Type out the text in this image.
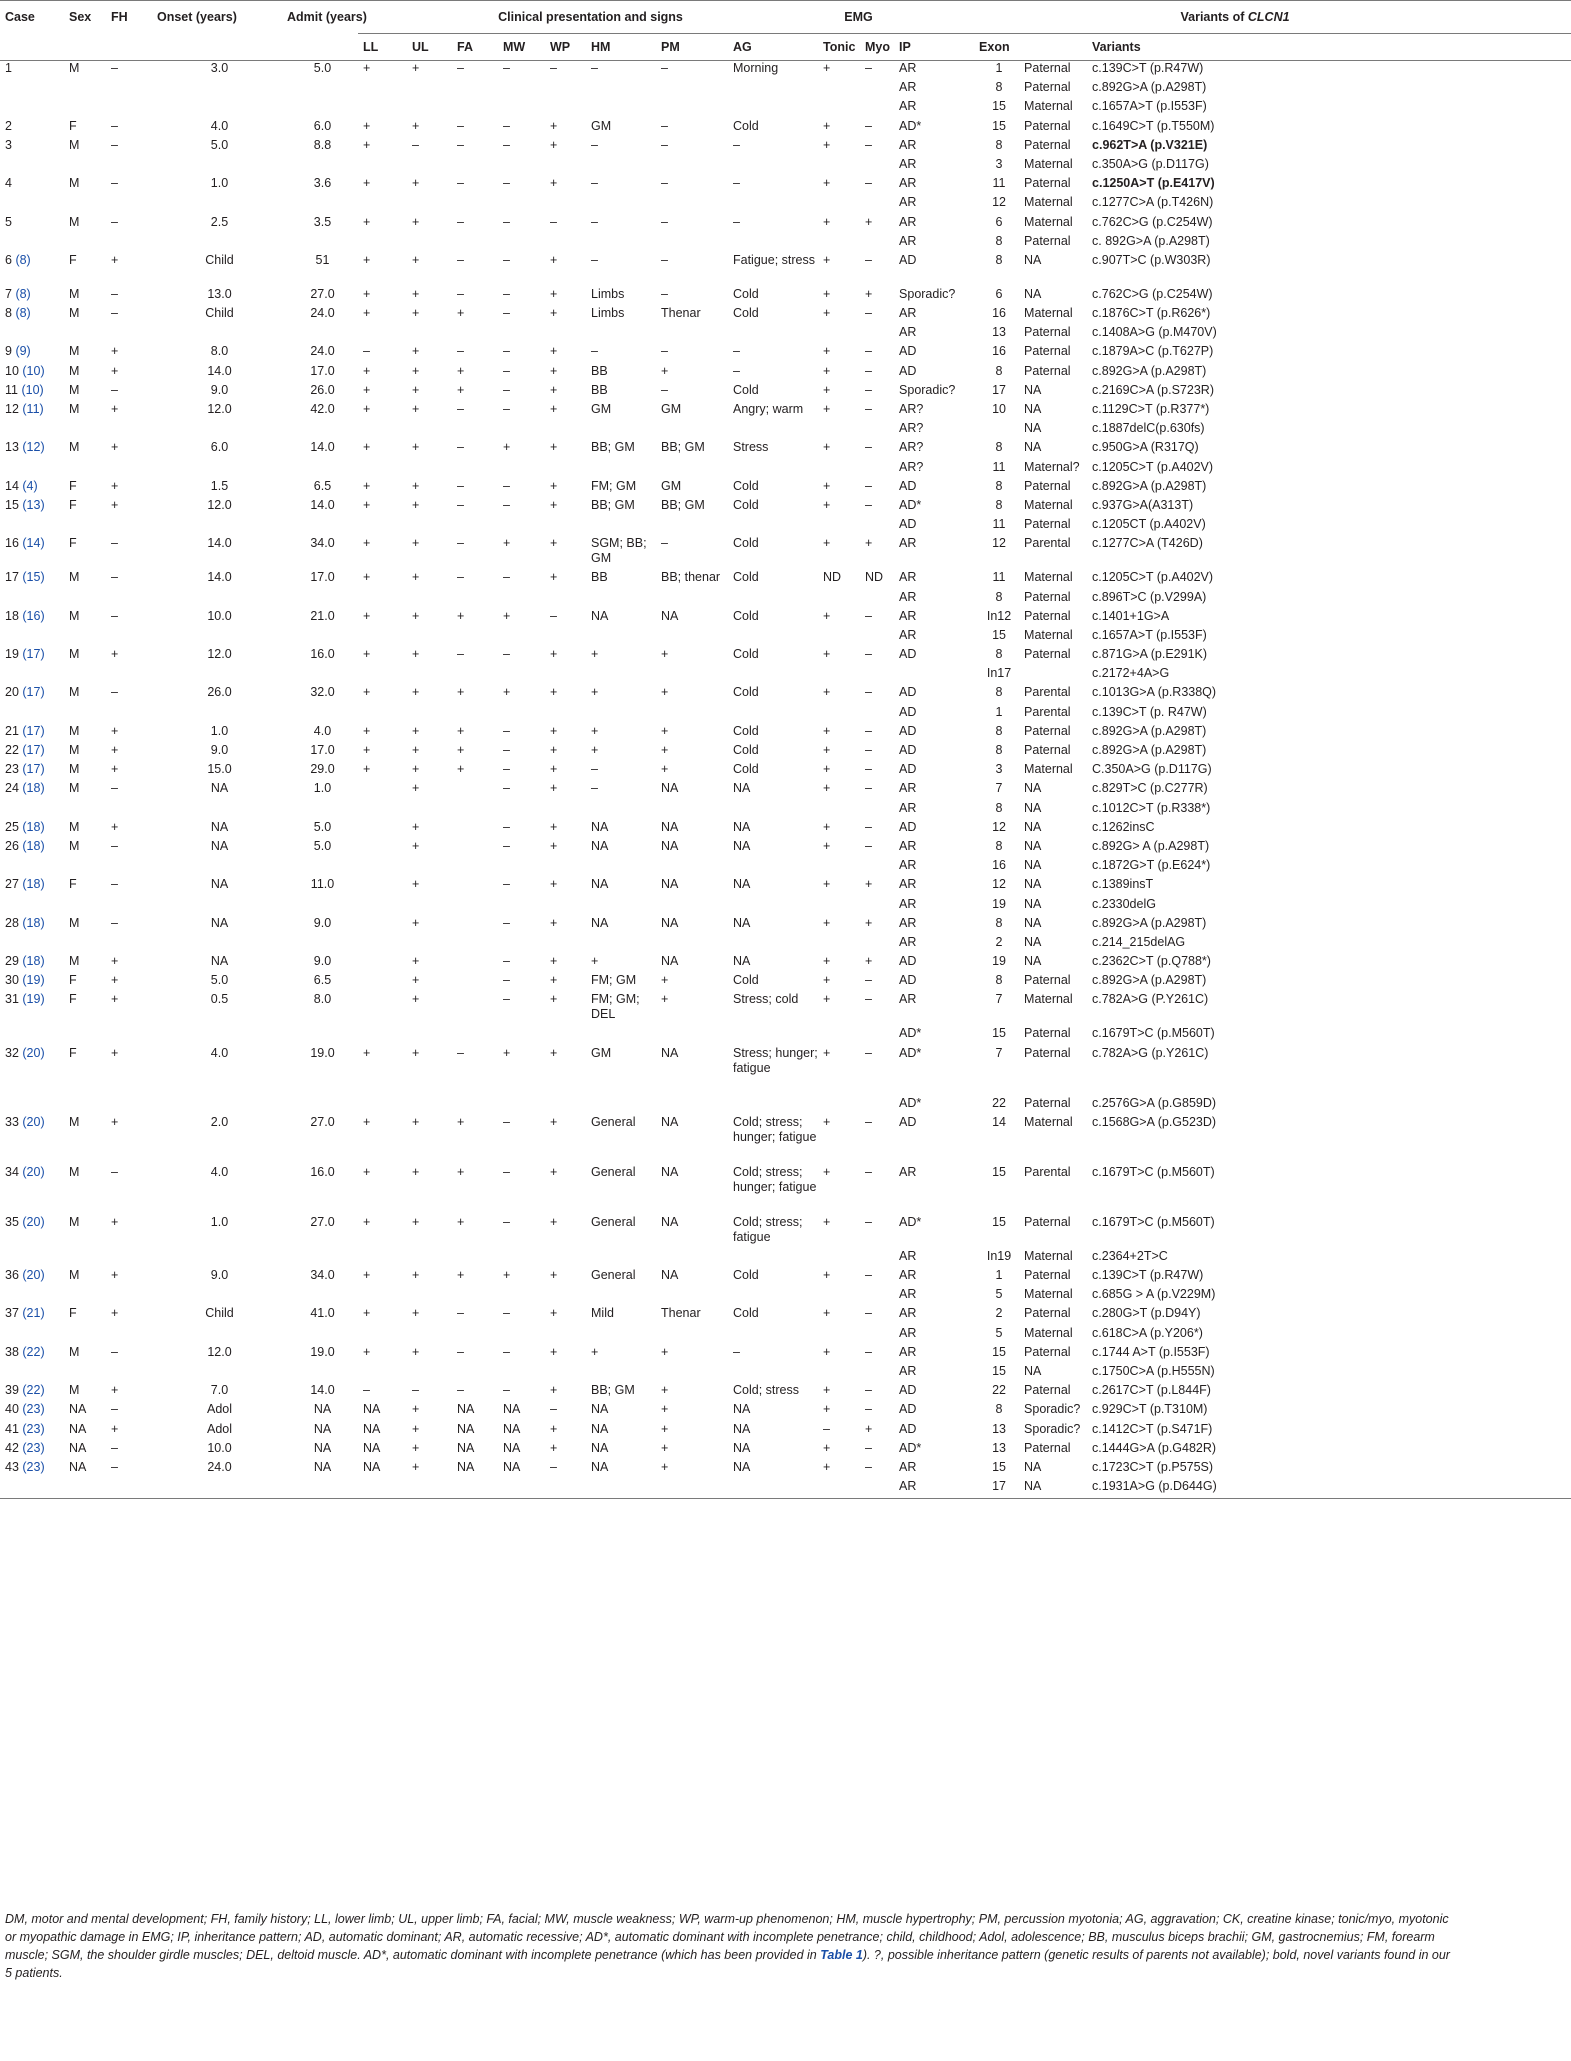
Case	Sex	FH	Onset (years)	Admit (years)	Clinical presentation and signs								EMG		Variants of CLCN1			
					LL	UL	FA	MW	WP	HM	PM	AG	Tonic	Myo	IP	Exon		Variants
1	M	–	3.0	5.0	+	+	–	–	–	–	–	Morning	+	–	AR	1	Paternal	c.139C>T (p.R47W)
															AR	8	Paternal	c.892G>A (p.A298T)
															AR	15	Maternal	c.1657A>T (p.I553F)
2	F	–	4.0	6.0	+	+	–	–	+	GM	–	Cold	+	–	AD*	15	Paternal	c.1649C>T (p.T550M)
3	M	–	5.0	8.8	+	–	–	–	+	–	–	–	+	–	AR	8	Paternal	c.962T>A (p.V321E)
															AR	3	Maternal	c.350A>G (p.D117G)
4	M	–	1.0	3.6	+	+	–	–	+	–	–	–	+	–	AR	11	Paternal	c.1250A>T (p.E417V)
															AR	12	Maternal	c.1277C>A (p.T426N)
5	M	–	2.5	3.5	+	+	–	–	–	–	–	–	+	+	AR	6	Maternal	c.762C>G (p.C254W)
															AR	8	Paternal	c. 892G>A (p.A298T)
6 (8)	F	+	Child	51	+	+	–	–	+	–	–	Fatigue; stress	+	–	AD	8	NA	c.907T>C (p.W303R)
7 (8)	M	–	13.0	27.0	+	+	–	–	+	Limbs	–	Cold	+	+	Sporadic?	6	NA	c.762C>G (p.C254W)
8 (8)	M	–	Child	24.0	+	+	+	–	+	Limbs	Thenar	Cold	+	–	AR	16	Maternal	c.1876C>T (p.R626*)
															AR	13	Paternal	c.1408A>G (p.M470V)
9 (9)	M	+	8.0	24.0	–	+	–	–	+	–	–	–	+	–	AD	16	Paternal	c.1879A>C (p.T627P)
10 (10)	M	+	14.0	17.0	+	+	+	–	+	BB	+	–	+	–	AD	8	Paternal	c.892G>A (p.A298T)
11 (10)	M	–	9.0	26.0	+	+	+	–	+	BB	–	Cold	+	–	Sporadic?	17	NA	c.2169C>A (p.S723R)
12 (11)	M	+	12.0	42.0	+	+	–	–	+	GM	GM	Angry; warm	+	–	AR?	10	NA	c.1129C>T (p.R377*)
															AR?		NA	c.1887delC(p.630fs)
13 (12)	M	+	6.0	14.0	+	+	–	+	+	BB; GM	BB; GM	Stress	+	–	AR?	8	NA	c.950G>A (R317Q)
															AR?	11	Maternal?	c.1205C>T (p.A402V)
14 (4)	F	+	1.5	6.5	+	+	–	–	+	FM; GM	GM	Cold	+	–	AD	8	Paternal	c.892G>A (p.A298T)
15 (13)	F	+	12.0	14.0	+	+	–	–	+	BB; GM	BB; GM	Cold	+	–	AD*	8	Maternal	c.937G>A(A313T)
															AD	11	Paternal	c.1205CT (p.A402V)
16 (14)	F	–	14.0	34.0	+	+	–	+	+	SGM; BB; GM	–	Cold	+	+	AR	12	Parental	c.1277C>A (T426D)
17 (15)	M	–	14.0	17.0	+	+	–	–	+	BB	BB; thenar	Cold	ND	ND	AR	11	Maternal	c.1205C>T (p.A402V)
															AR	8	Paternal	c.896T>C (p.V299A)
18 (16)	M	–	10.0	21.0	+	+	+	+	–	NA	NA	Cold	+	–	AR	In12	Paternal	c.1401+1G>A
															AR	15	Maternal	c.1657A>T (p.I553F)
19 (17)	M	+	12.0	16.0	+	+	–	–	+	+	+	Cold	+	–	AD	8	Paternal	c.871G>A (p.E291K)
																In17		c.2172+4A>G
20 (17)	M	–	26.0	32.0	+	+	+	+	+	+	+	Cold	+	–	AD	8	Parental	c.1013G>A (p.R338Q)
															AD	1	Parental	c.139C>T (p. R47W)
21 (17)	M	+	1.0	4.0	+	+	+	–	+	+	+	Cold	+	–	AD	8	Paternal	c.892G>A (p.A298T)
22 (17)	M	+	9.0	17.0	+	+	+	–	+	+	+	Cold	+	–	AD	8	Paternal	c.892G>A (p.A298T)
23 (17)	M	+	15.0	29.0	+	+	+	–	+	–	+	Cold	+	–	AD	3	Maternal	C.350A>G (p.D117G)
24 (18)	M	–	NA	1.0		+		–	+	–	NA	NA	+	–	AR	7	NA	c.829T>C (p.C277R)
															AR	8	NA	c.1012C>T (p.R338*)
25 (18)	M	+	NA	5.0		+		–	+	NA	NA	NA	+	–	AD	12	NA	c.1262insC
26 (18)	M	–	NA	5.0		+		–	+	NA	NA	NA	+	–	AR	8	NA	c.892G> A (p.A298T)
															AR	16	NA	c.1872G>T (p.E624*)
27 (18)	F	–	NA	11.0		+		–	+	NA	NA	NA	+	+	AR	12	NA	c.1389insT
															AR	19	NA	c.2330delG
28 (18)	M	–	NA	9.0		+		–	+	NA	NA	NA	+	+	AR	8	NA	c.892G>A (p.A298T)
															AR	2	NA	c.214_215delAG
29 (18)	M	+	NA	9.0		+		–	+	+	NA	NA	+	+	AD	19	NA	c.2362C>T (p.Q788*)
30 (19)	F	+	5.0	6.5		+		–	+	FM; GM	+	Cold	+	–	AD	8	Paternal	c.892G>A (p.A298T)
31 (19)	F	+	0.5	8.0		+		–	+	FM; GM; DEL	+	Stress; cold	+	–	AR	7	Maternal	c.782A>G (P.Y261C)
															AD*	15	Paternal	c.1679T>C (p.M560T)
32 (20)	F	+	4.0	19.0	+	+	–	+	+	GM	NA	Stress; hunger; fatigue	+	–	AD*	7	Paternal	c.782A>G (p.Y261C)
															AD*	22	Paternal	c.2576G>A (p.G859D)
33 (20)	M	+	2.0	27.0	+	+	+	–	+	General	NA	Cold; stress; hunger; fatigue	+	–	AD	14	Maternal	c.1568G>A (p.G523D)
34 (20)	M	–	4.0	16.0	+	+	+	–	+	General	NA	Cold; stress; hunger; fatigue	+	–	AR	15	Parental	c.1679T>C (p.M560T)
35 (20)	M	+	1.0	27.0	+	+	+	–	+	General	NA	Cold; stress; fatigue	+	–	AD*	15	Paternal	c.1679T>C (p.M560T)
															AR	In19	Maternal	c.2364+2T>C
36 (20)	M	+	9.0	34.0	+	+	+	+	+	General	NA	Cold	+	–	AR	1	Paternal	c.139C>T (p.R47W)
															AR	5	Maternal	c.685G > A (p.V229M)
37 (21)	F	+	Child	41.0	+	+	–	–	+	Mild	Thenar	Cold	+	–	AR	2	Paternal	c.280G>T (p.D94Y)
															AR	5	Maternal	c.618C>A (p.Y206*)
38 (22)	M	–	12.0	19.0	+	+	–	–	+	+	+	–	+	–	AR	15	Paternal	c.1744 A>T (p.I553F)
															AR	15	NA	c.1750C>A (p.H555N)
39 (22)	M	+	7.0	14.0	–	–	–	–	+	BB; GM	+	Cold; stress	+	–	AD	22	Paternal	c.2617C>T (p.L844F)
40 (23)	NA	–	Adol	NA	NA	+	NA	NA	–	NA	+	NA	+	–	AD	8	Sporadic?	c.929C>T (p.T310M)
41 (23)	NA	+	Adol	NA	NA	+	NA	NA	+	NA	+	NA	–	+	AD	13	Sporadic?	c.1412C>T (p.S471F)
42 (23)	NA	–	10.0	NA	NA	+	NA	NA	+	NA	+	NA	+	–	AD*	13	Paternal	c.1444G>A (p.G482R)
43 (23)	NA	–	24.0	NA	NA	+	NA	NA	–	NA	+	NA	+	–	AR	15	NA	c.1723C>T (p.P575S)
															AR	17	NA	c.1931A>G (p.D644G)
DM, motor and mental development; FH, family history; LL, lower limb; UL, upper limb; FA, facial; MW, muscle weakness; WP, warm-up phenomenon; HM, muscle hypertrophy; PM, percussion myotonia; AG, aggravation; CK, creatine kinase; tonic/myo, myotonic or myopathic damage in EMG; IP, inheritance pattern; AD, automatic dominant; AR, automatic recessive; AD*, automatic dominant with incomplete penetrance; child, childhood; Adol, adolescence; BB, musculus biceps brachii; GM, gastrocnemius; FM, forearm muscle; SGM, the shoulder girdle muscles; DEL, deltoid muscle. AD*, automatic dominant with incomplete penetrance (which has been provided in Table 1). ?, possible inheritance pattern (genetic results of parents not available); bold, novel variants found in our 5 patients.
